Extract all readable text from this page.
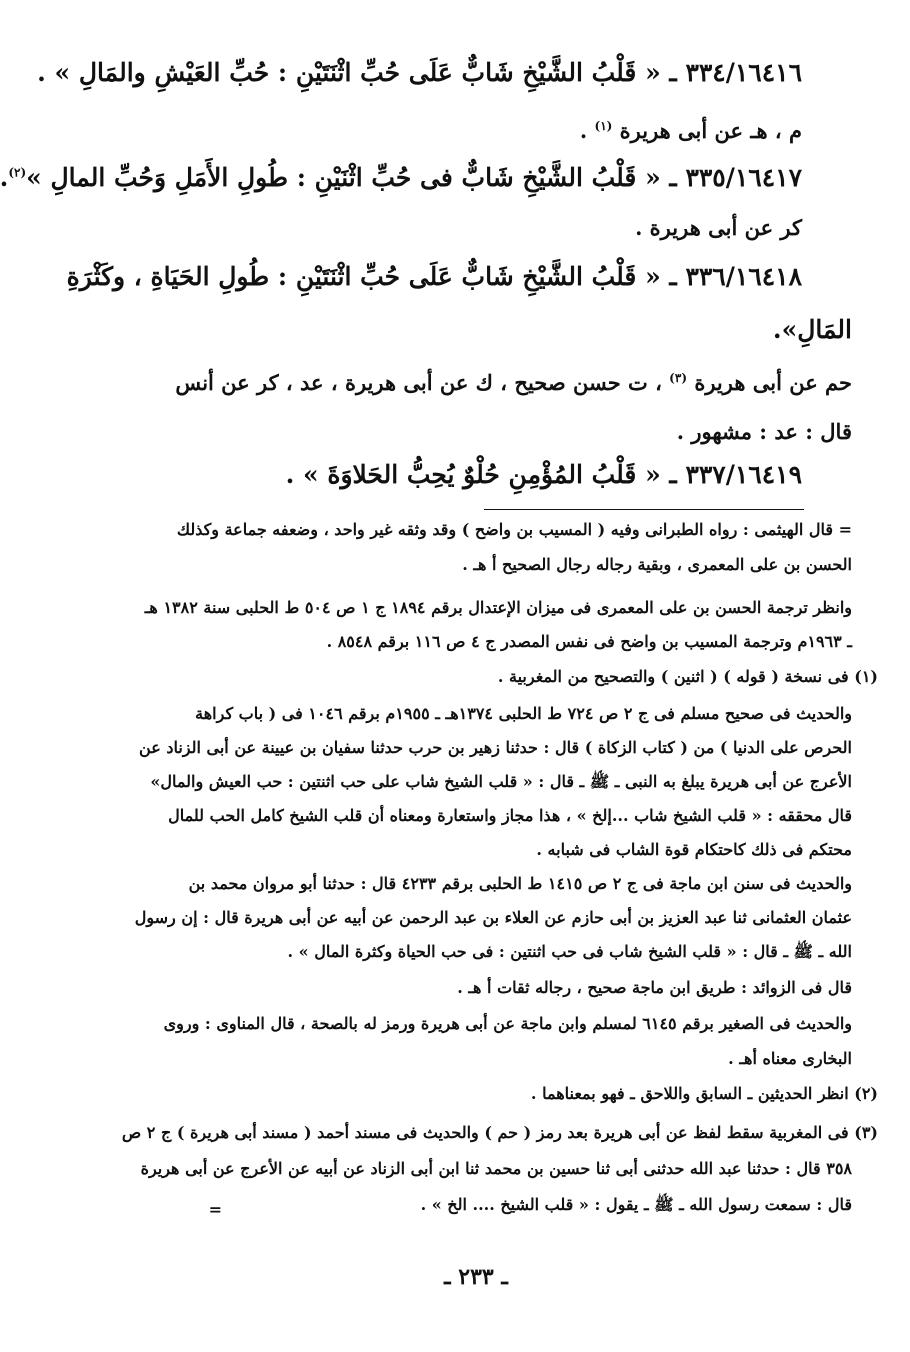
٣٣٤/١٦٤١٦ ـ « قَلْبُ الشَّيْخِ شَابٌّ عَلَى حُبِّ اثْنَتَيْنِ : حُبِّ العَيْشِ والمَالِ » .
م ، هـ عن أبى هريرة $^{(١)}$ .
٣٣٥/١٦٤١٧ ـ « قَلْبُ الشَّيْخِ شَابٌّ فى حُبِّ اثْنَيْنِ : طُولِ الأَمَلِ وَحُبِّ المالِ »$^{(٢)}$.
كر عن أبى هريرة .
٣٣٦/١٦٤١٨ ـ « قَلْبُ الشَّيْخِ شَابٌّ عَلَى حُبِّ اثْنَتَيْنِ : طُولِ الحَيَاةِ ، وكَثْرَةِ
المَالِ».
حم عن أبى هريرة $^{(٣)}$ ، ت حسن صحيح ، ك عن أبى هريرة ، عد ، كر عن أنس
قال : عد : مشهور .
٣٣٧/١٦٤١٩ ـ « قَلْبُ المُؤْمِنِ حُلْوٌ يُحِبُّ الحَلاوَةَ » .
= قال الهيثمى : رواه الطبرانى وفيه ( المسيب بن واضح ) وقد وثقه غير واحد ، وضعفه جماعة وكذلك
الحسن بن على المعمرى ، وبقية رجاله رجال الصحيح أ هـ .
وانظر ترجمة الحسن بن على المعمرى فى ميزان الإعتدال برقم ١٨٩٤ ج ١ ص ٥٠٤ ط الحلبى سنة ١٣٨٢ هـ
ـ ١٩٦٣م وترجمة المسيب بن واضح فى نفس المصدر ج ٤ ص ١١٦ برقم ٨٥٤٨ .
(١) فى نسخة ( قوله ) ( اثنين ) والتصحيح من المغربية .
والحديث فى صحيح مسلم فى ج ٢ ص ٧٢٤ ط الحلبى ١٣٧٤هـ ـ ١٩٥٥م برقم ١٠٤٦ فى ( باب كراهة
الحرص على الدنيا ) من ( كتاب الزكاة ) قال : حدثنا زهير بن حرب حدثنا سفيان بن عيينة عن أبى الزناد عن
الأعرج عن أبى هريرة يبلغ به النبى ـ ﷺ ـ قال : « قلب الشيخ شاب على حب اثنتين : حب العيش والمال»
قال محققه : « قلب الشيخ شاب ...إلخ » ، هذا مجاز واستعارة ومعناه أن قلب الشيخ كامل الحب للمال
محتكم فى ذلك كاحتكام قوة الشاب فى شبابه .
والحديث فى سنن ابن ماجة فى ج ٢ ص ١٤١٥ ط الحلبى برقم ٤٢٣٣ قال : حدثنا أبو مروان محمد بن
عثمان العثمانى ثنا عبد العزيز بن أبى حازم عن العلاء بن عبد الرحمن عن أبيه عن أبى هريرة قال : إن رسول
الله ـ ﷺ ـ قال : « قلب الشيخ شاب فى حب اثنتين : فى حب الحياة وكثرة المال » .
قال فى الزوائد : طريق ابن ماجة صحيح ، رجاله ثقات أ هـ .
والحديث فى الصغير برقم ٦١٤٥ لمسلم وابن ماجة عن أبى هريرة ورمز له بالصحة ، قال المناوى : وروى
البخارى معناه أهـ .
(٢) انظر الحديثين ـ السابق واللاحق ـ فهو بمعناهما .
(٣) فى المغربية سقط لفظ عن أبى هريرة بعد رمز ( حم ) والحديث فى مسند أحمد ( مسند أبى هريرة ) ج ٢ ص
٣٥٨ قال : حدثنا عبد الله حدثنى أبى ثنا حسين بن محمد ثنا ابن أبى الزناد عن أبيه عن الأعرج عن أبى هريرة
قال : سمعت رسول الله ـ ﷺ ـ يقول : « قلب الشيخ .... الخ » .
=
ـ ٢٣٣ ـ
